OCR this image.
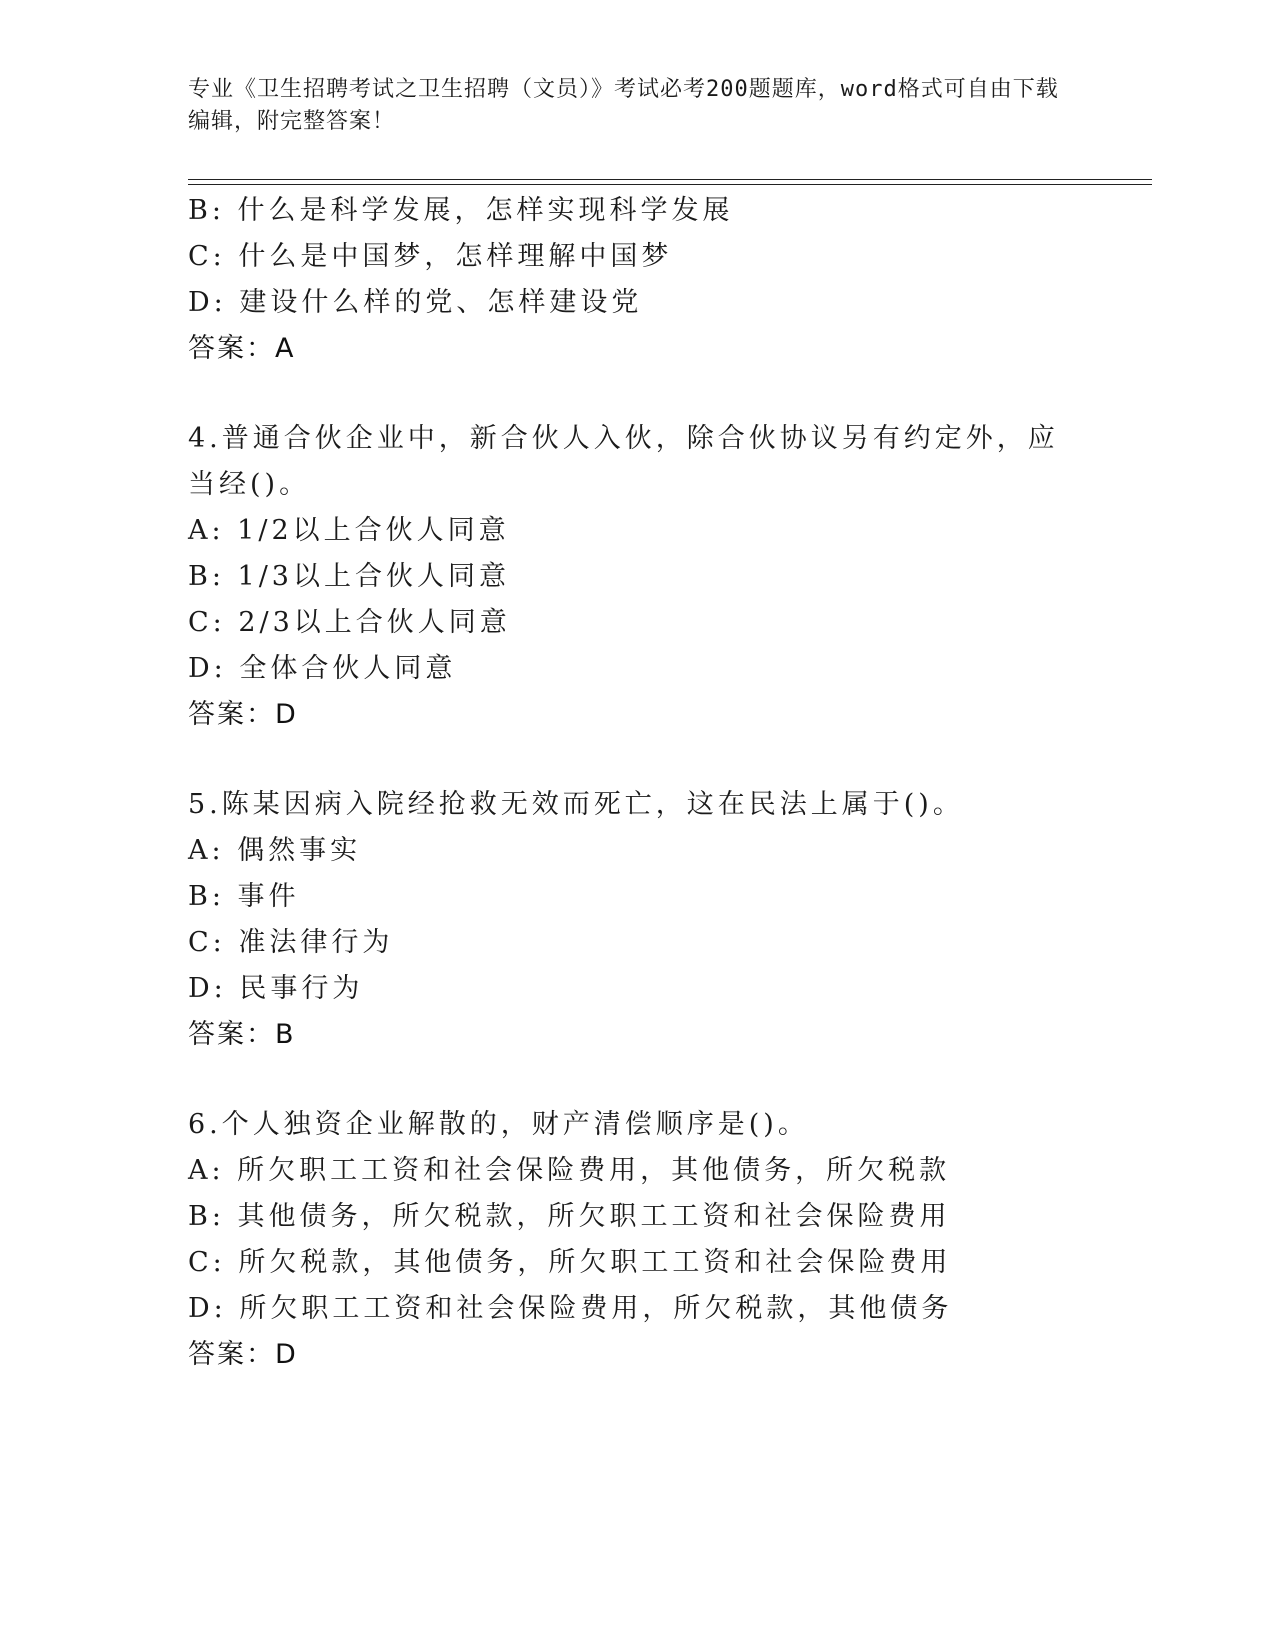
专业《卫生招聘考试之卫生招聘（文员）》考试必考200题题库，word格式可自由下载编辑，附完整答案！
B: 什么是科学发展，怎样实现科学发展
C: 什么是中国梦，怎样理解中国梦
D: 建设什么样的党、怎样建设党
答案：A
4.普通合伙企业中，新合伙人入伙，除合伙协议另有约定外，应当经()。
A: 1/2以上合伙人同意
B: 1/3以上合伙人同意
C: 2/3以上合伙人同意
D: 全体合伙人同意
答案：D
5.陈某因病入院经抢救无效而死亡，这在民法上属于()。
A: 偶然事实
B: 事件
C: 准法律行为
D: 民事行为
答案：B
6.个人独资企业解散的，财产清偿顺序是()。
A: 所欠职工工资和社会保险费用，其他债务，所欠税款
B: 其他债务，所欠税款，所欠职工工资和社会保险费用
C: 所欠税款，其他债务，所欠职工工资和社会保险费用
D: 所欠职工工资和社会保险费用，所欠税款，其他债务
答案：D
